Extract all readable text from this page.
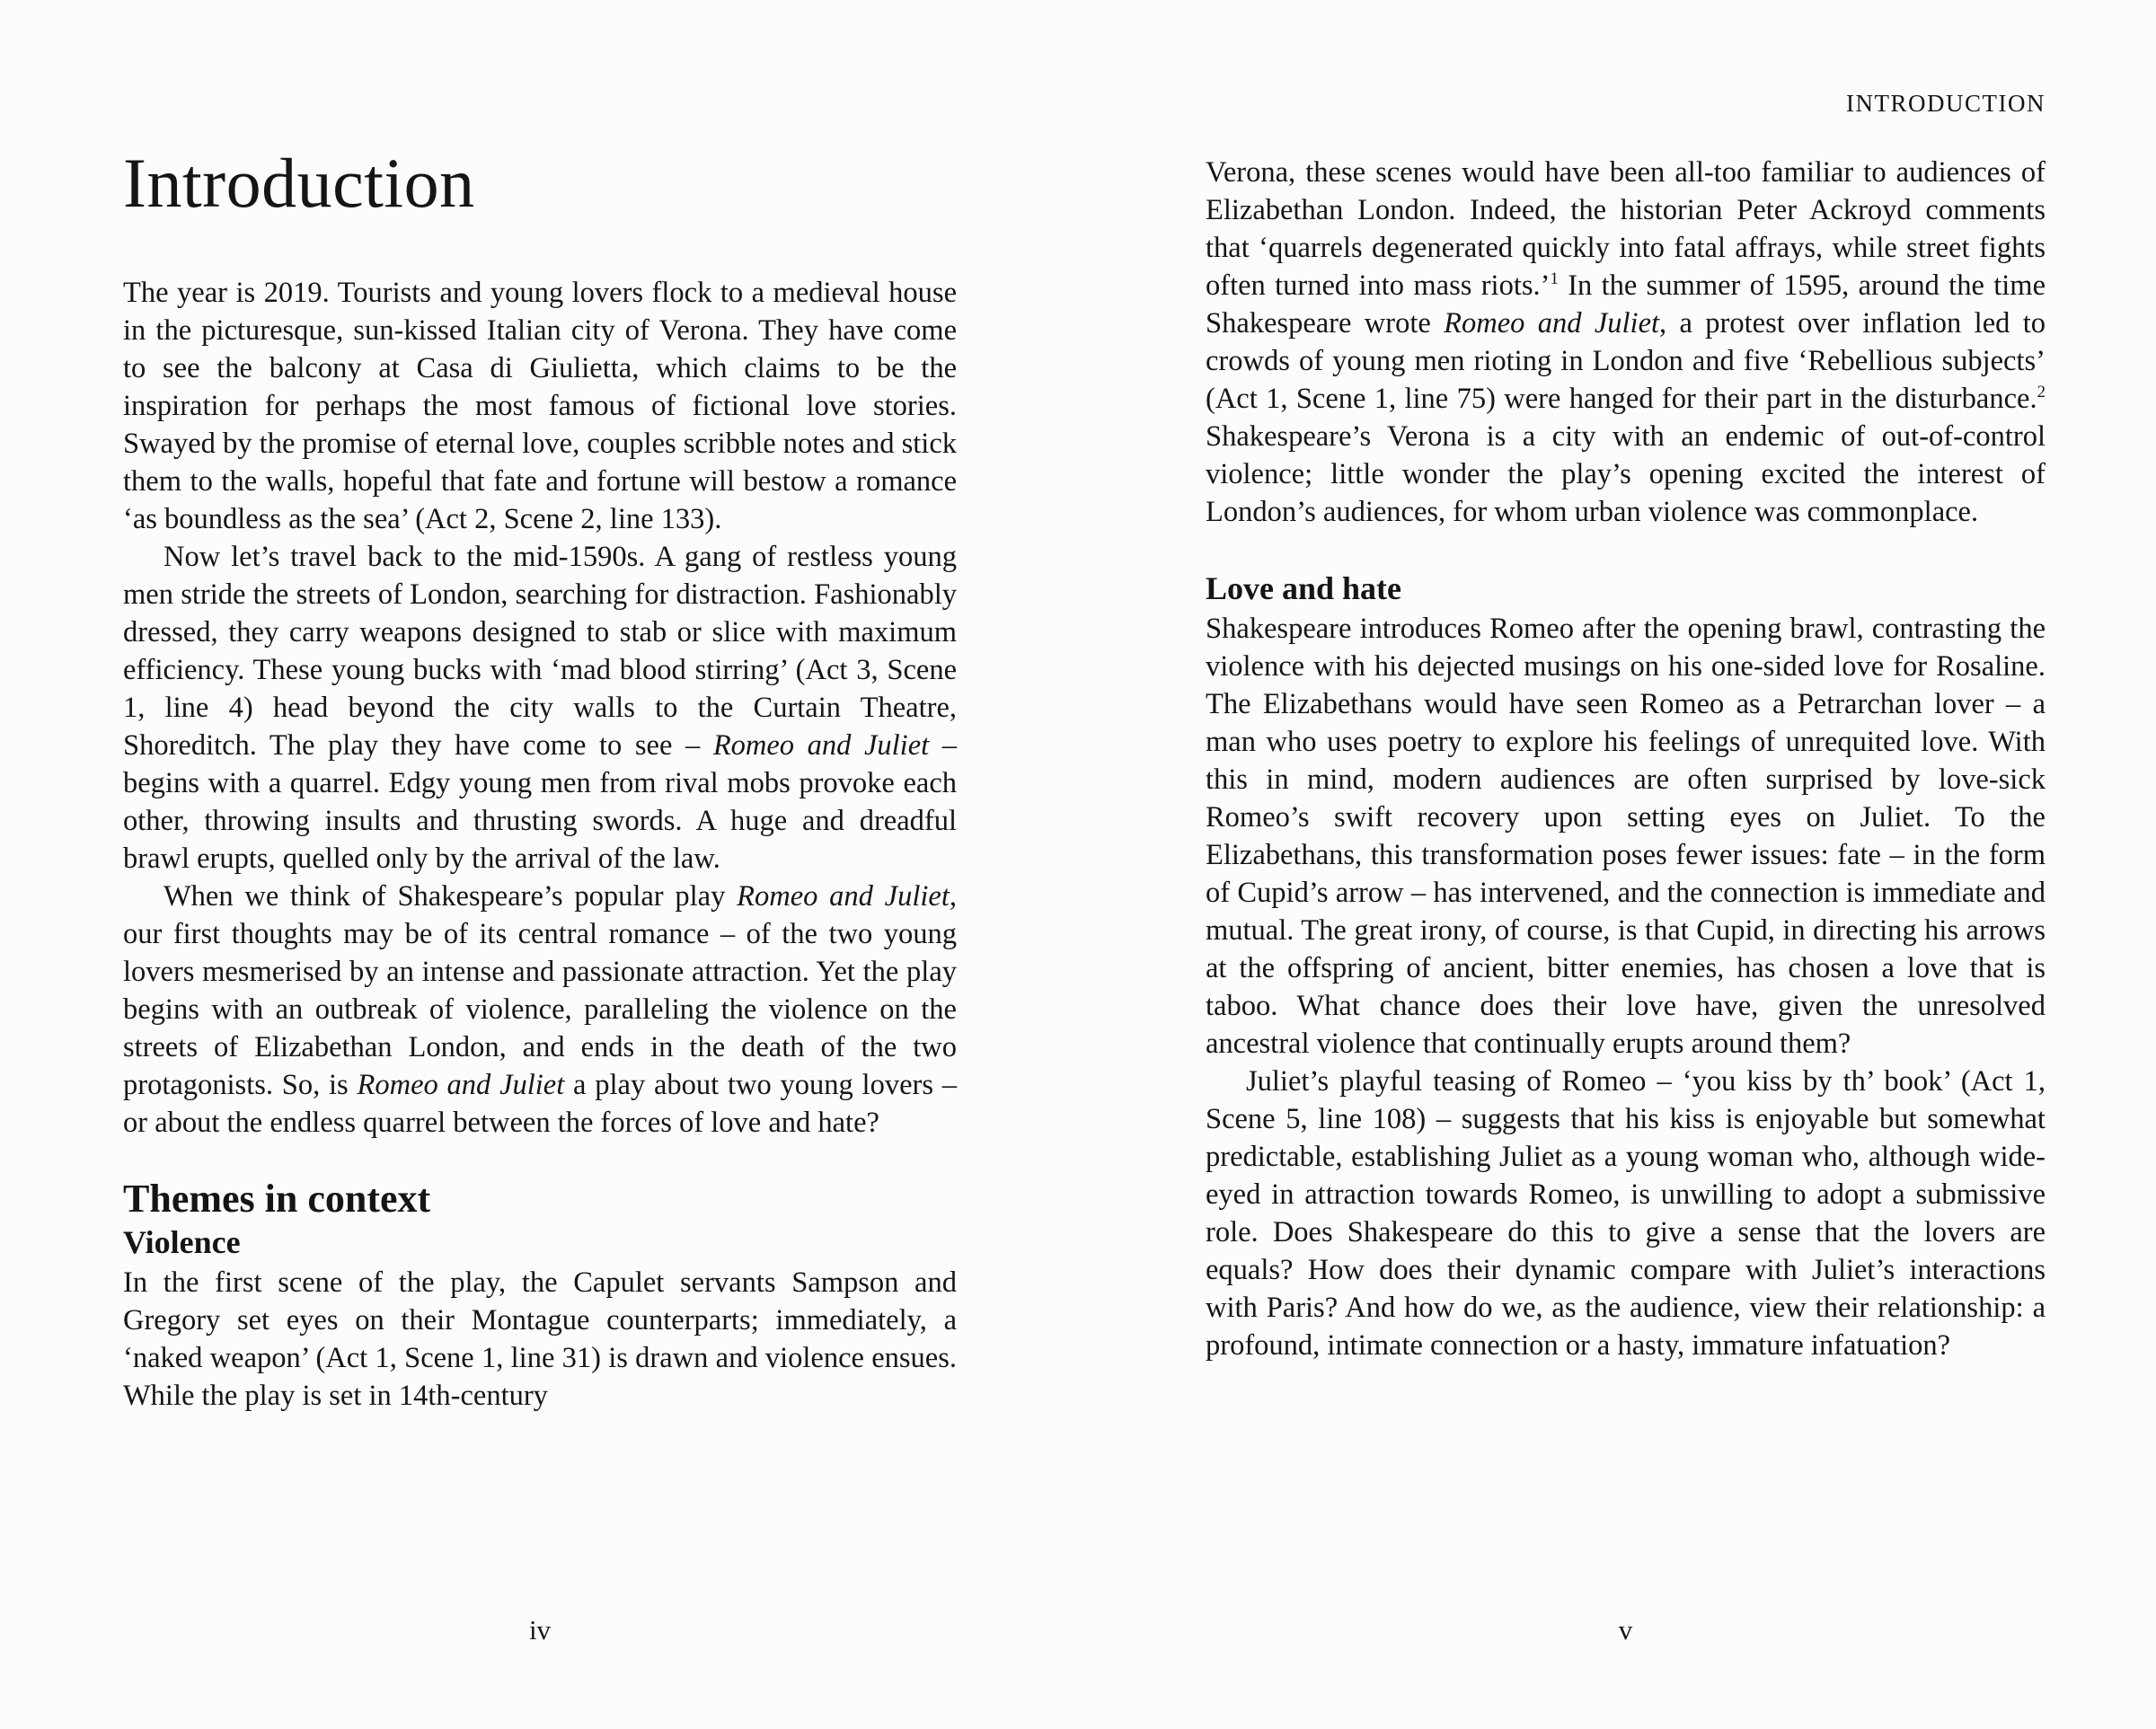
Introduction

The year is 2019. Tourists and young lovers flock to a medieval house in the picturesque, sun-kissed Italian city of Verona. They have come to see the balcony at Casa di Giulietta, which claims to be the inspiration for perhaps the most famous of fictional love stories. Swayed by the promise of eternal love, couples scribble notes and stick them to the walls, hopeful that fate and fortune will bestow a romance ‘as boundless as the sea’ (Act 2, Scene 2, line 133).

Now let’s travel back to the mid-1590s. A gang of restless young men stride the streets of London, searching for distraction. Fashionably dressed, they carry weapons designed to stab or slice with maximum efficiency. These young bucks with ‘mad blood stirring’ (Act 3, Scene 1, line 4) head beyond the city walls to the Curtain Theatre, Shoreditch. The play they have come to see – Romeo and Juliet – begins with a quarrel. Edgy young men from rival mobs provoke each other, throwing insults and thrusting swords. A huge and dreadful brawl erupts, quelled only by the arrival of the law.

When we think of Shakespeare’s popular play Romeo and Juliet, our first thoughts may be of its central romance – of the two young lovers mesmerised by an intense and passionate attraction. Yet the play begins with an outbreak of violence, paralleling the violence on the streets of Elizabethan London, and ends in the death of the two protagonists. So, is Romeo and Juliet a play about two young lovers – or about the endless quarrel between the forces of love and hate?

Themes in context
Violence

In the first scene of the play, the Capulet servants Sampson and Gregory set eyes on their Montague counterparts; immediately, a ‘naked weapon’ (Act 1, Scene 1, line 31) is drawn and violence ensues. While the play is set in 14th-century

iv
INTRODUCTION

Verona, these scenes would have been all-too familiar to audiences of Elizabethan London. Indeed, the historian Peter Ackroyd comments that ‘quarrels degenerated quickly into fatal affrays, while street fights often turned into mass riots.’$^1$ In the summer of 1595, around the time Shakespeare wrote Romeo and Juliet, a protest over inflation led to crowds of young men rioting in London and five ‘Rebellious subjects’ (Act 1, Scene 1, line 75) were hanged for their part in the disturbance.$^2$ Shakespeare’s Verona is a city with an endemic of out-of-control violence; little wonder the play’s opening excited the interest of London’s audiences, for whom urban violence was commonplace.

Love and hate

Shakespeare introduces Romeo after the opening brawl, contrasting the violence with his dejected musings on his one-sided love for Rosaline. The Elizabethans would have seen Romeo as a Petrarchan lover – a man who uses poetry to explore his feelings of unrequited love. With this in mind, modern audiences are often surprised by love-sick Romeo’s swift recovery upon setting eyes on Juliet. To the Elizabethans, this transformation poses fewer issues: fate – in the form of Cupid’s arrow – has intervened, and the connection is immediate and mutual. The great irony, of course, is that Cupid, in directing his arrows at the offspring of ancient, bitter enemies, has chosen a love that is taboo. What chance does their love have, given the unresolved ancestral violence that continually erupts around them?

Juliet’s playful teasing of Romeo – ‘you kiss by th’ book’ (Act 1, Scene 5, line 108) – suggests that his kiss is enjoyable but somewhat predictable, establishing Juliet as a young woman who, although wide-eyed in attraction towards Romeo, is unwilling to adopt a submissive role. Does Shakespeare do this to give a sense that the lovers are equals? How does their dynamic compare with Juliet’s interactions with Paris? And how do we, as the audience, view their relationship: a profound, intimate connection or a hasty, immature infatuation?

v
